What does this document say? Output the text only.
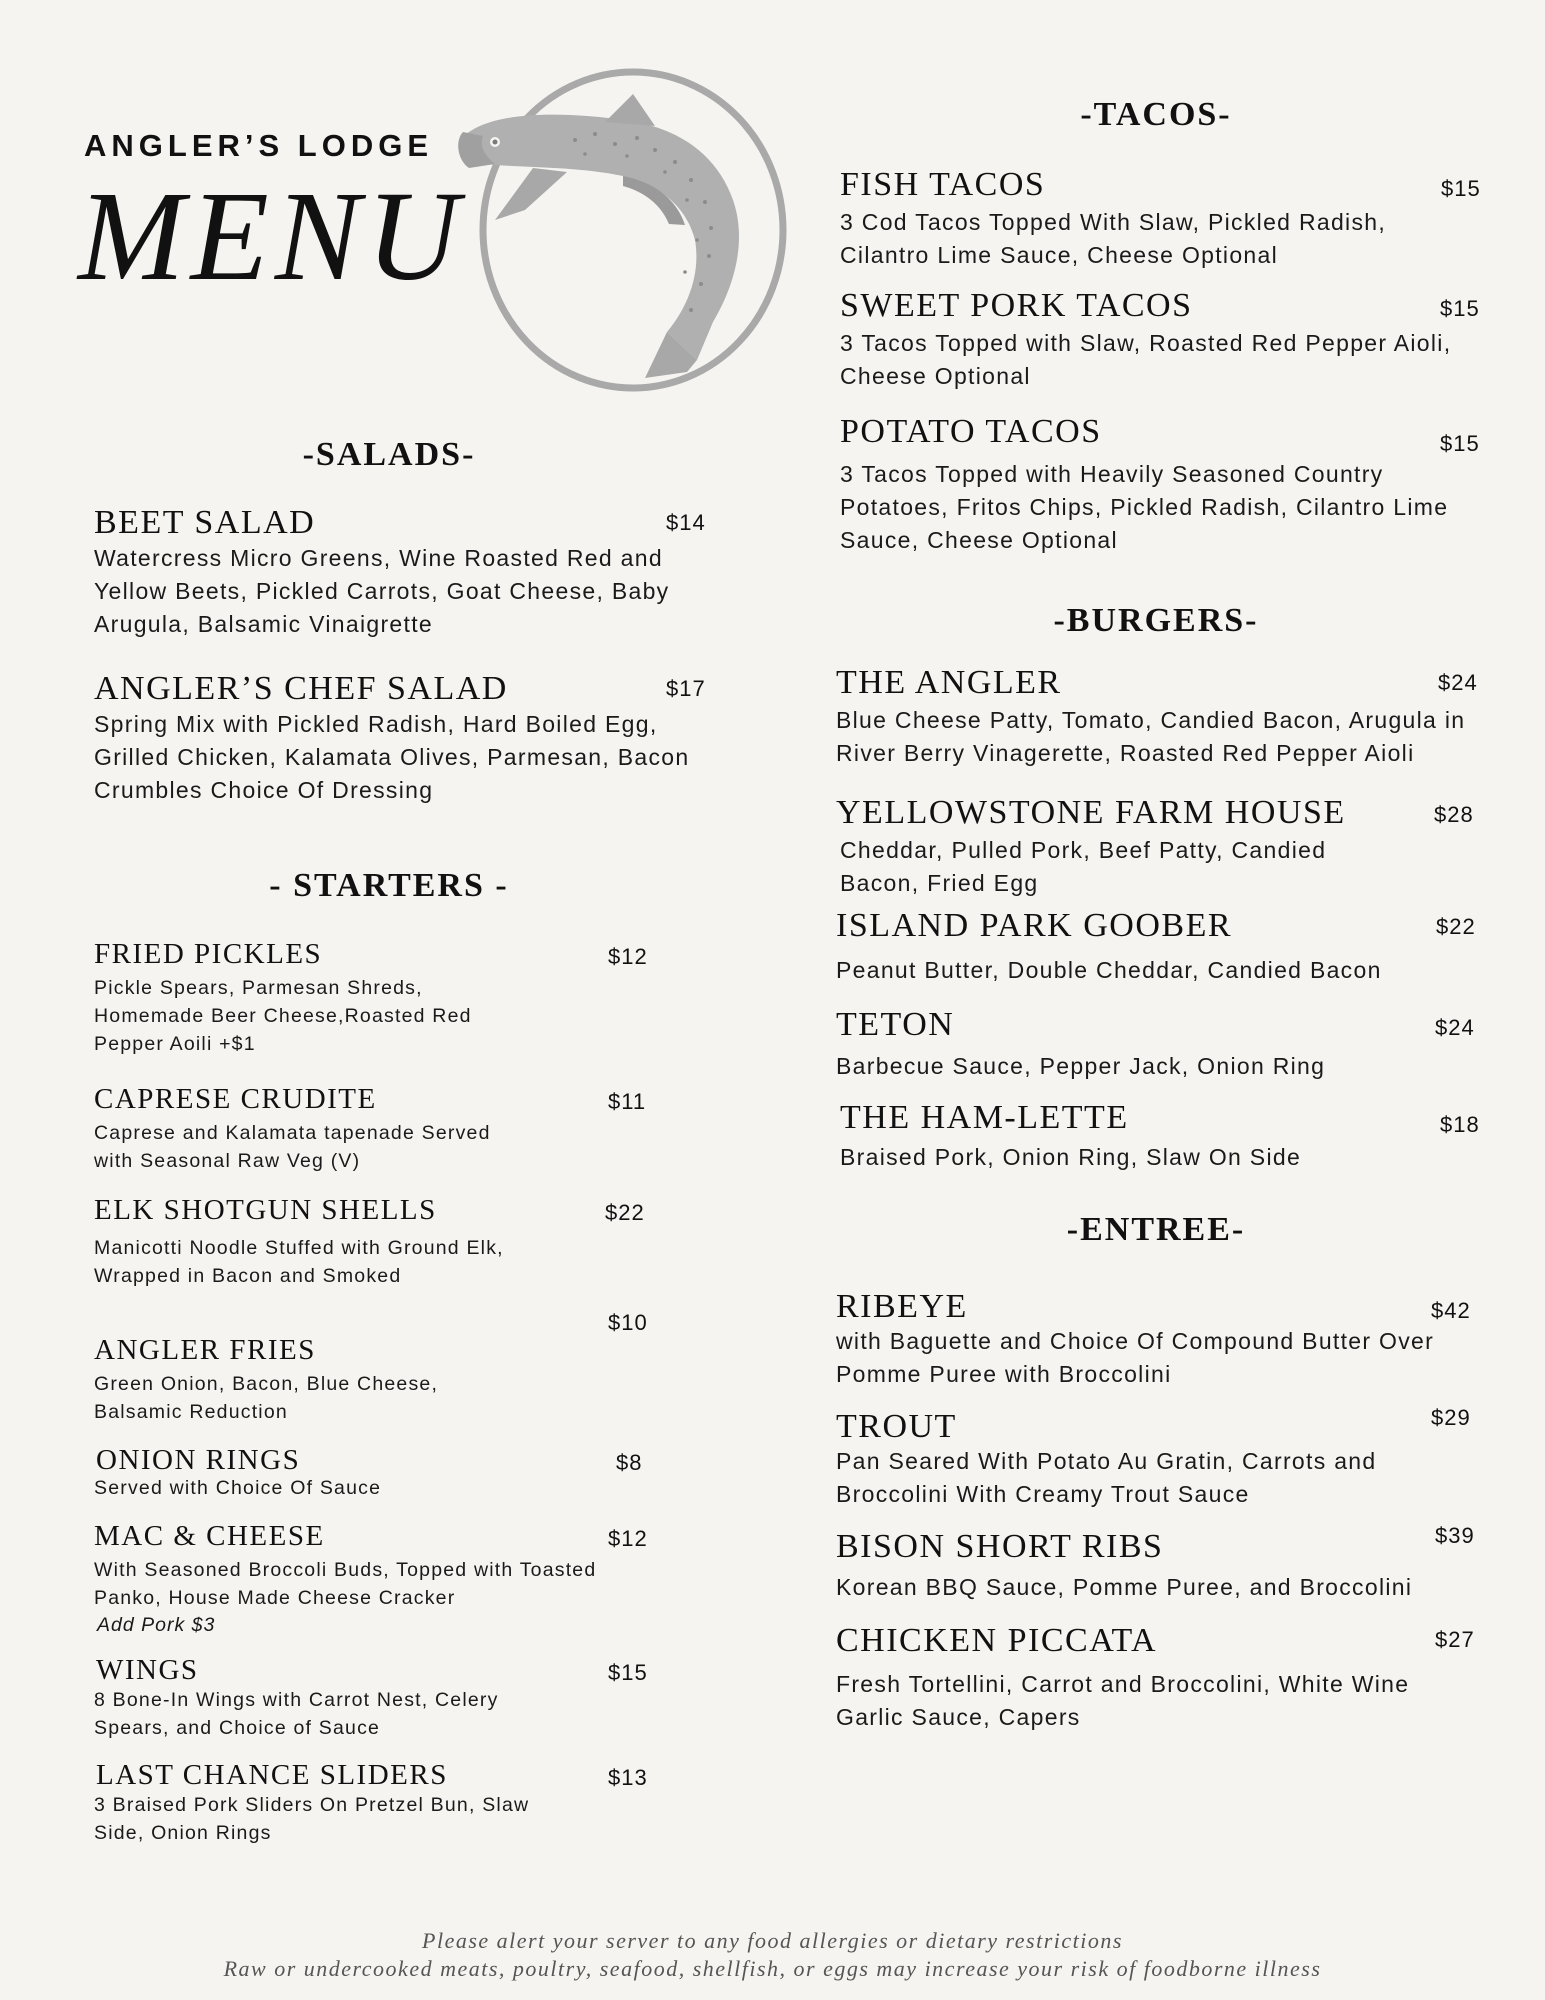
ANGLER’S LODGE
MENU
-SALADS-
BEET SALAD	$14
Watercress Micro Greens, Wine Roasted Red and Yellow Beets, Pickled Carrots, Goat Cheese, Baby Arugula, Balsamic Vinaigrette
ANGLER’S CHEF SALAD	$17
Spring Mix with Pickled Radish, Hard Boiled Egg, Grilled Chicken, Kalamata Olives, Parmesan, Bacon Crumbles Choice Of Dressing
- STARTERS -
FRIED PICKLES	$12
Pickle Spears, Parmesan Shreds, Homemade Beer Cheese,Roasted Red Pepper Aoili +$1
CAPRESE CRUDITE	$11
Caprese and Kalamata tapenade Served with Seasonal Raw Veg (V)
ELK SHOTGUN SHELLS	$22
Manicotti Noodle Stuffed with Ground Elk, Wrapped in Bacon and Smoked
ANGLER FRIES
$10
Green Onion, Bacon, Blue Cheese, Balsamic Reduction
ONION RINGS	$8
Served with Choice Of Sauce
MAC & CHEESE	$12
With Seasoned Broccoli Buds, Topped with Toasted Panko, House Made Cheese Cracker
Add Pork $3
WINGS	$15
8 Bone-In Wings with Carrot Nest, Celery Spears, and Choice of Sauce
LAST CHANCE SLIDERS	$13
3 Braised Pork Sliders On Pretzel Bun, Slaw Side, Onion Rings
-TACOS-
FISH TACOS	$15
3 Cod Tacos Topped With Slaw, Pickled Radish, Cilantro Lime Sauce, Cheese Optional
SWEET PORK TACOS	$15
3 Tacos Topped with Slaw, Roasted Red Pepper Aioli, Cheese Optional
POTATO TACOS	$15
3 Tacos Topped with Heavily Seasoned Country Potatoes, Fritos Chips, Pickled Radish, Cilantro Lime Sauce, Cheese Optional
-BURGERS-
THE ANGLER	$24
Blue Cheese Patty, Tomato, Candied Bacon, Arugula in River Berry Vinagerette, Roasted Red Pepper Aioli
YELLOWSTONE FARM HOUSE	$28
Cheddar, Pulled Pork, Beef Patty, Candied Bacon, Fried Egg
ISLAND PARK GOOBER	$22
Peanut Butter, Double Cheddar, Candied Bacon
TETON	$24
Barbecue Sauce, Pepper Jack, Onion Ring
THE HAM-LETTE	$18
Braised Pork, Onion Ring, Slaw On Side
-ENTREE-
RIBEYE	$42
with Baguette and Choice Of Compound Butter Over Pomme Puree with Broccolini
TROUT	$29
Pan Seared With Potato Au Gratin, Carrots and Broccolini With Creamy Trout Sauce
BISON SHORT RIBS	$39
Korean BBQ Sauce, Pomme Puree, and Broccolini
CHICKEN PICCATA	$27
Fresh Tortellini, Carrot and Broccolini, White Wine Garlic Sauce, Capers
Please alert your server to any food allergies or dietary restrictions
Raw or undercooked meats, poultry, seafood, shellfish, or eggs may increase your risk of foodborne illness
